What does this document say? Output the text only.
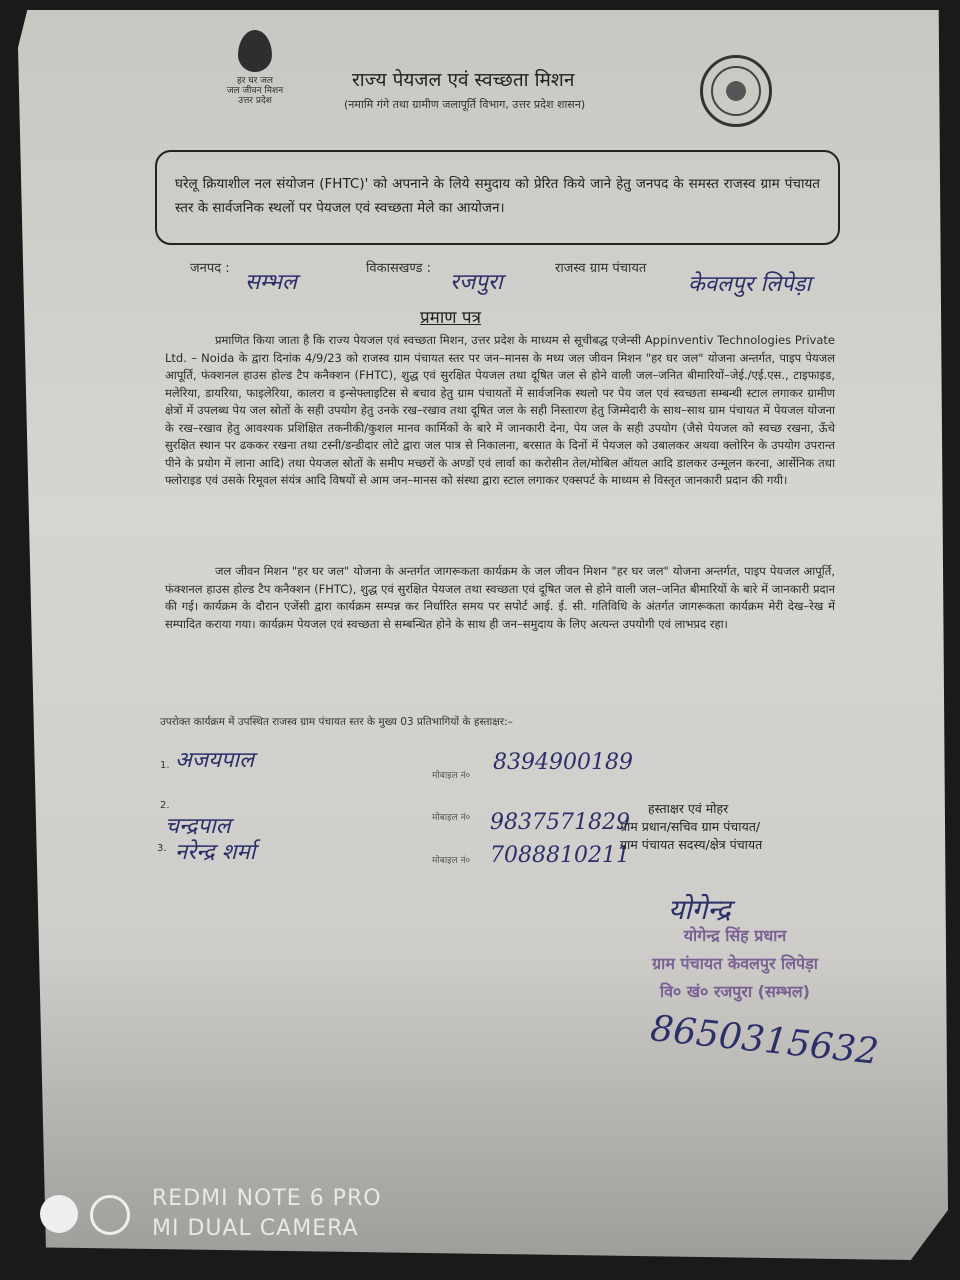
हर घर जल
जल जीवन मिशन
उत्तर प्रदेश
राज्य पेयजल एवं स्वच्छता मिशन
(नमामि गंगे तथा ग्रामीण जलापूर्ति विभाग, उत्तर प्रदेश शासन)
घरेलू क्रियाशील नल संयोजन (FHTC)' को अपनाने के लिये समुदाय को प्रेरित किये जाने हेतु जनपद के समस्त राजस्व ग्राम पंचायत स्तर के सार्वजनिक स्थलों पर पेयजल एवं स्वच्छता मेले का आयोजन।
जनपद :
सम्भल
विकासखण्ड :
रजपुरा
राजस्व ग्राम पंचायत
केवलपुर लिपेड़ा
प्रमाण पत्र

प्रमाणित किया जाता है कि राज्य पेयजल एवं स्वच्छता मिशन, उत्तर प्रदेश के माध्यम से सूचीबद्ध एजेन्सी Appinventiv Technologies Private Ltd. – Noida के द्वारा दिनांक 4/9/23 को राजस्व ग्राम पंचायत स्तर पर जन–मानस के मध्य जल जीवन मिशन "हर घर जल" योजना अन्तर्गत, पाइप पेयजल आपूर्ति, फंक्शनल हाउस होल्ड टैप कनैक्शन (FHTC), शुद्ध एवं सुरक्षित पेयजल तथा दूषित जल से होने वाली जल–जनित बीमारियों–जेई./एई.एस., टाइफाइड, मलेरिया, डायरिया, फाइलेरिया, कालरा व इन्सेफ्लाइटिस से बचाव हेतु ग्राम पंचायतों में सार्वजनिक स्थलो पर पेय जल एवं स्वच्छता सम्बन्धी स्टाल लगाकर ग्रामीण क्षेत्रों में उपलब्ध पेय जल स्रोतों के सही उपयोग हेतु उनके रख–रखाव तथा दूषित जल के सही निस्तारण हेतु जिम्मेदारी के साथ–साथ ग्राम पंचायत में पेयजल योजना के रख–रखाव हेतु आवश्यक प्रशिक्षित तकनीकी/कुशल मानव कार्मिकों के बारे में जानकारी देना, पेय जल के सही उपयोग (जैसे पेयजल को स्वच्छ रखना, ऊँचे सुरक्षित स्थान पर ढककर रखना तथा टस्नी/डन्डीदार लोटे द्वारा जल पात्र से निकालना, बरसात के दिनों में पेयजल को उबालकर अथवा क्लोरिन के उपयोग उपरान्त पीने के प्रयोग में लाना आदि) तथा पेयजल स्रोतों के समीप मच्छरों के अण्डों एवं लार्वा का करोसीन तेल/मोबिल ऑयल आदि डालकर उन्मूलन करना, आर्सेनिक तथा फ्लोराइड एवं उसके रिमूवल संयंत्र आदि विषयों से आम जन–मानस को संस्था द्वारा स्टाल लगाकर एक्सपर्ट के माध्यम से विस्तृत जानकारी प्रदान की गयी।

जल जीवन मिशन "हर घर जल" योजना के अन्तर्गत जागरूकता कार्यक्रम के जल जीवन मिशन "हर घर जल" योजना अन्तर्गत, पाइप पेयजल आपूर्ति, फंक्शनल हाउस होल्ड टैप कनैक्शन (FHTC), शुद्ध एवं सुरक्षित पेयजल तथा स्वच्छता एवं दूषित जल से होने वाली जल–जनित बीमारियों के बारे में जानकारी प्रदान की गई। कार्यक्रम के दौरान एजेंसी द्वारा कार्यक्रम सम्पन्न कर निर्धारित समय पर सपोर्ट आई. ई. सी. गतिविधि के अंतर्गत जागरूकता कार्यक्रम मेरी देख–रेख में सम्पादित कराया गया। कार्यक्रम पेयजल एवं स्वच्छता से सम्बन्धित होने के साथ ही जन–समुदाय के लिए अत्यन्त उपयोगी एवं लाभप्रद रहा।

उपरोक्त कार्यक्रम में उपस्थित राजस्व ग्राम पंचायत स्तर के मुख्य 03 प्रतिभागियों के हस्ताक्षर:–
1. अजयपाल
मोबाइल नं०
8394900189
2.
चन्द्रपाल	मोबाइल नं० 9837571829
3. नरेन्द्र शर्मा	मोबाइल नं० 7088810211
हस्ताक्षर एवं मोहर
ग्राम प्रधान/सचिव ग्राम पंचायत/
ग्राम पंचायत सदस्य/क्षेत्र पंचायत
योगेन्द्र
योगेन्द्र सिंह प्रधान
ग्राम पंचायत केवलपुर लिपेड़ा
वि० खं० रजपुरा (सम्भल)
8650315632
REDMI NOTE 6 PRO
MI DUAL CAMERA
